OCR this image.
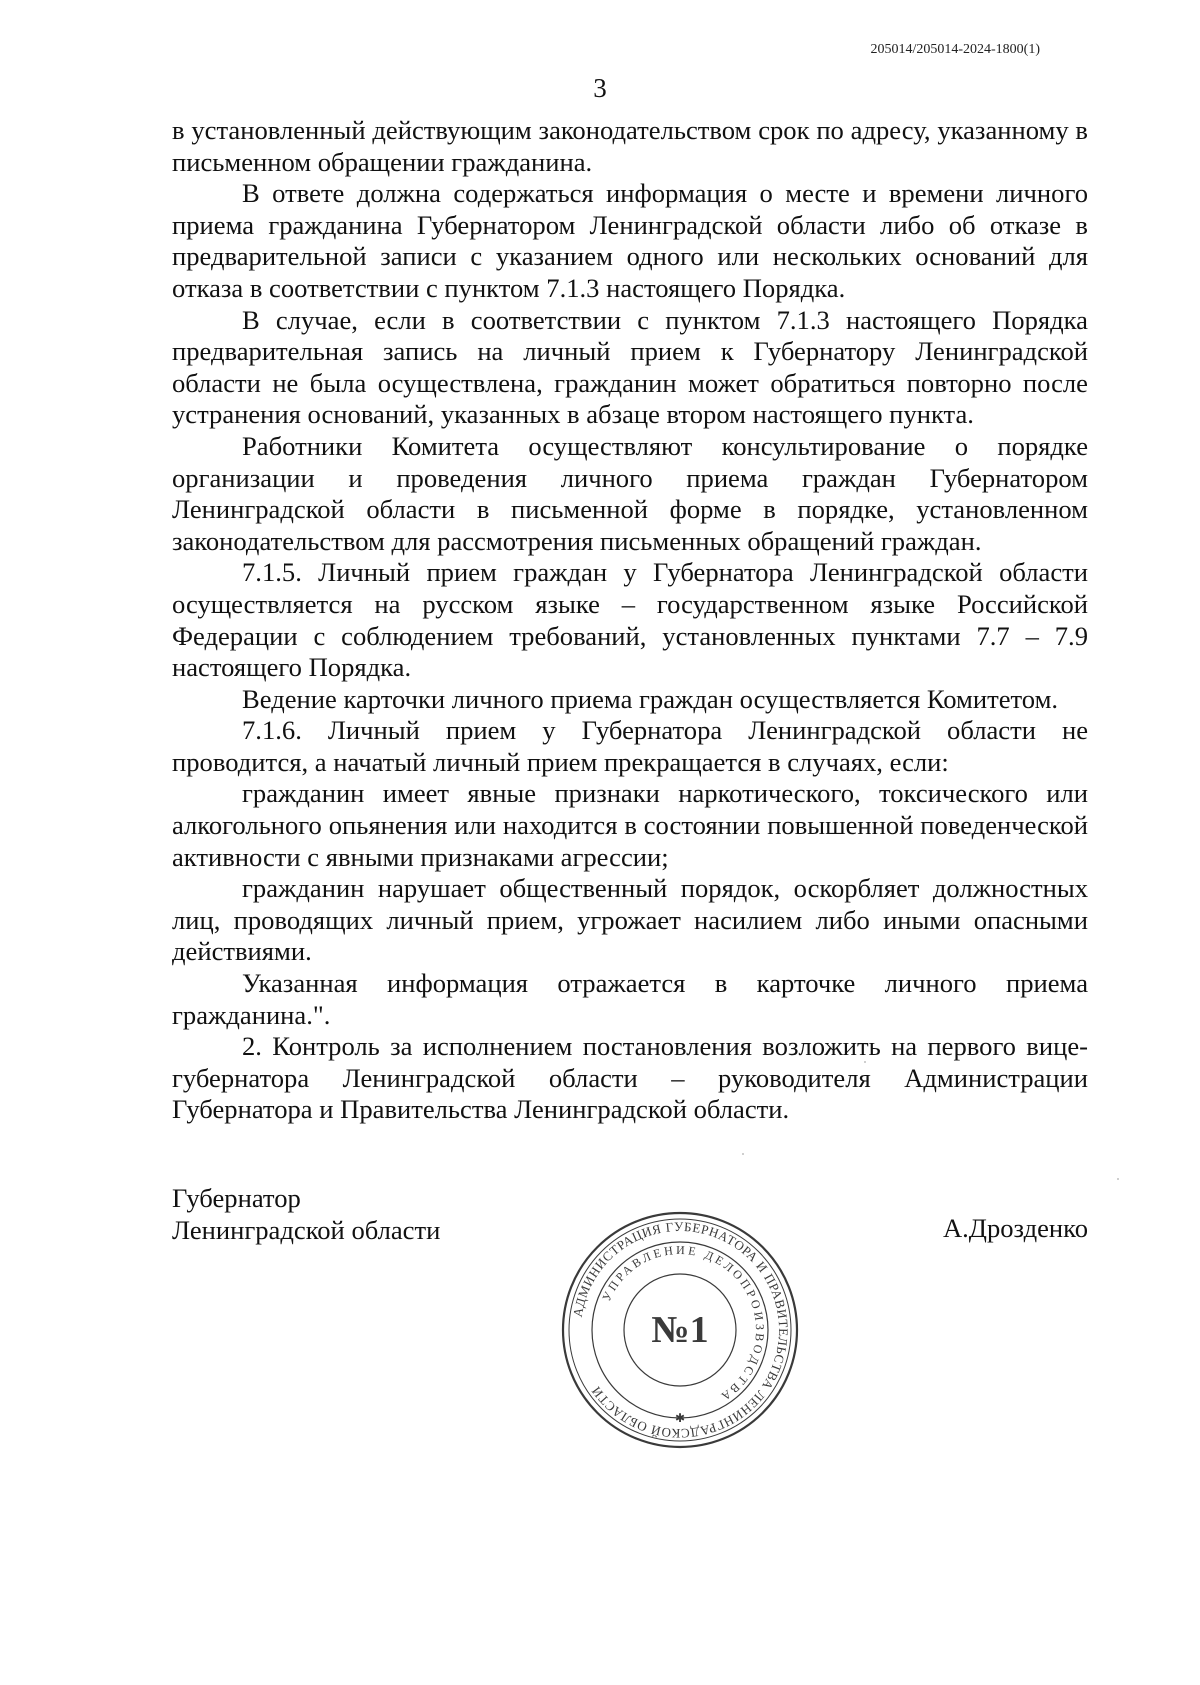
205014/205014-2024-1800(1)
3

в установленный действующим законодательством срок по адресу, указанному в письменном обращении гражданина.

В ответе должна содержаться информация о месте и времени личного приема гражданина Губернатором Ленинградской области либо об отказе в предварительной записи с указанием одного или нескольких оснований для отказа в соответствии с пунктом 7.1.3 настоящего Порядка.

В случае, если в соответствии с пунктом 7.1.3 настоящего Порядка предварительная запись на личный прием к Губернатору Ленинградской области не была осуществлена, гражданин может обратиться повторно после устранения оснований, указанных в абзаце втором настоящего пункта.

Работники Комитета осуществляют консультирование о порядке организации и проведения личного приема граждан Губернатором Ленинградской области в письменной форме в порядке, установленном законодательством для рассмотрения письменных обращений граждан.

7.1.5. Личный прием граждан у Губернатора Ленинградской области осуществляется на русском языке – государственном языке Российской Федерации с соблюдением требований, установленных пунктами 7.7 – 7.9 настоящего Порядка.

Ведение карточки личного приема граждан осуществляется Комитетом.

7.1.6. Личный прием у Губернатора Ленинградской области не проводится, а начатый личный прием прекращается в случаях, если:

гражданин имеет явные признаки наркотического, токсического или алкогольного опьянения или находится в состоянии повышенной поведенческой активности с явными признаками агрессии;

гражданин нарушает общественный порядок, оскорбляет должностных лиц, проводящих личный прием, угрожает насилием либо иными опасными действиями.

Указанная информация отражается в карточке личного приема гражданина.".

2. Контроль за исполнением постановления возложить на первого вице-губернатора Ленинградской области – руководителя Администрации Губернатора и Правительства Ленинградской области.

Губернатор
Ленинградской области	А.Дрозденко
АДМИНИСТРАЦИЯ ГУБЕРНАТОРА И ПРАВИТЕЛЬСТВА ЛЕНИНГРАДСКОЙ ОБЛАСТИ
УПРАВЛЕНИЕ ДЕЛОПРОИЗВОДСТВА
№1
✱
